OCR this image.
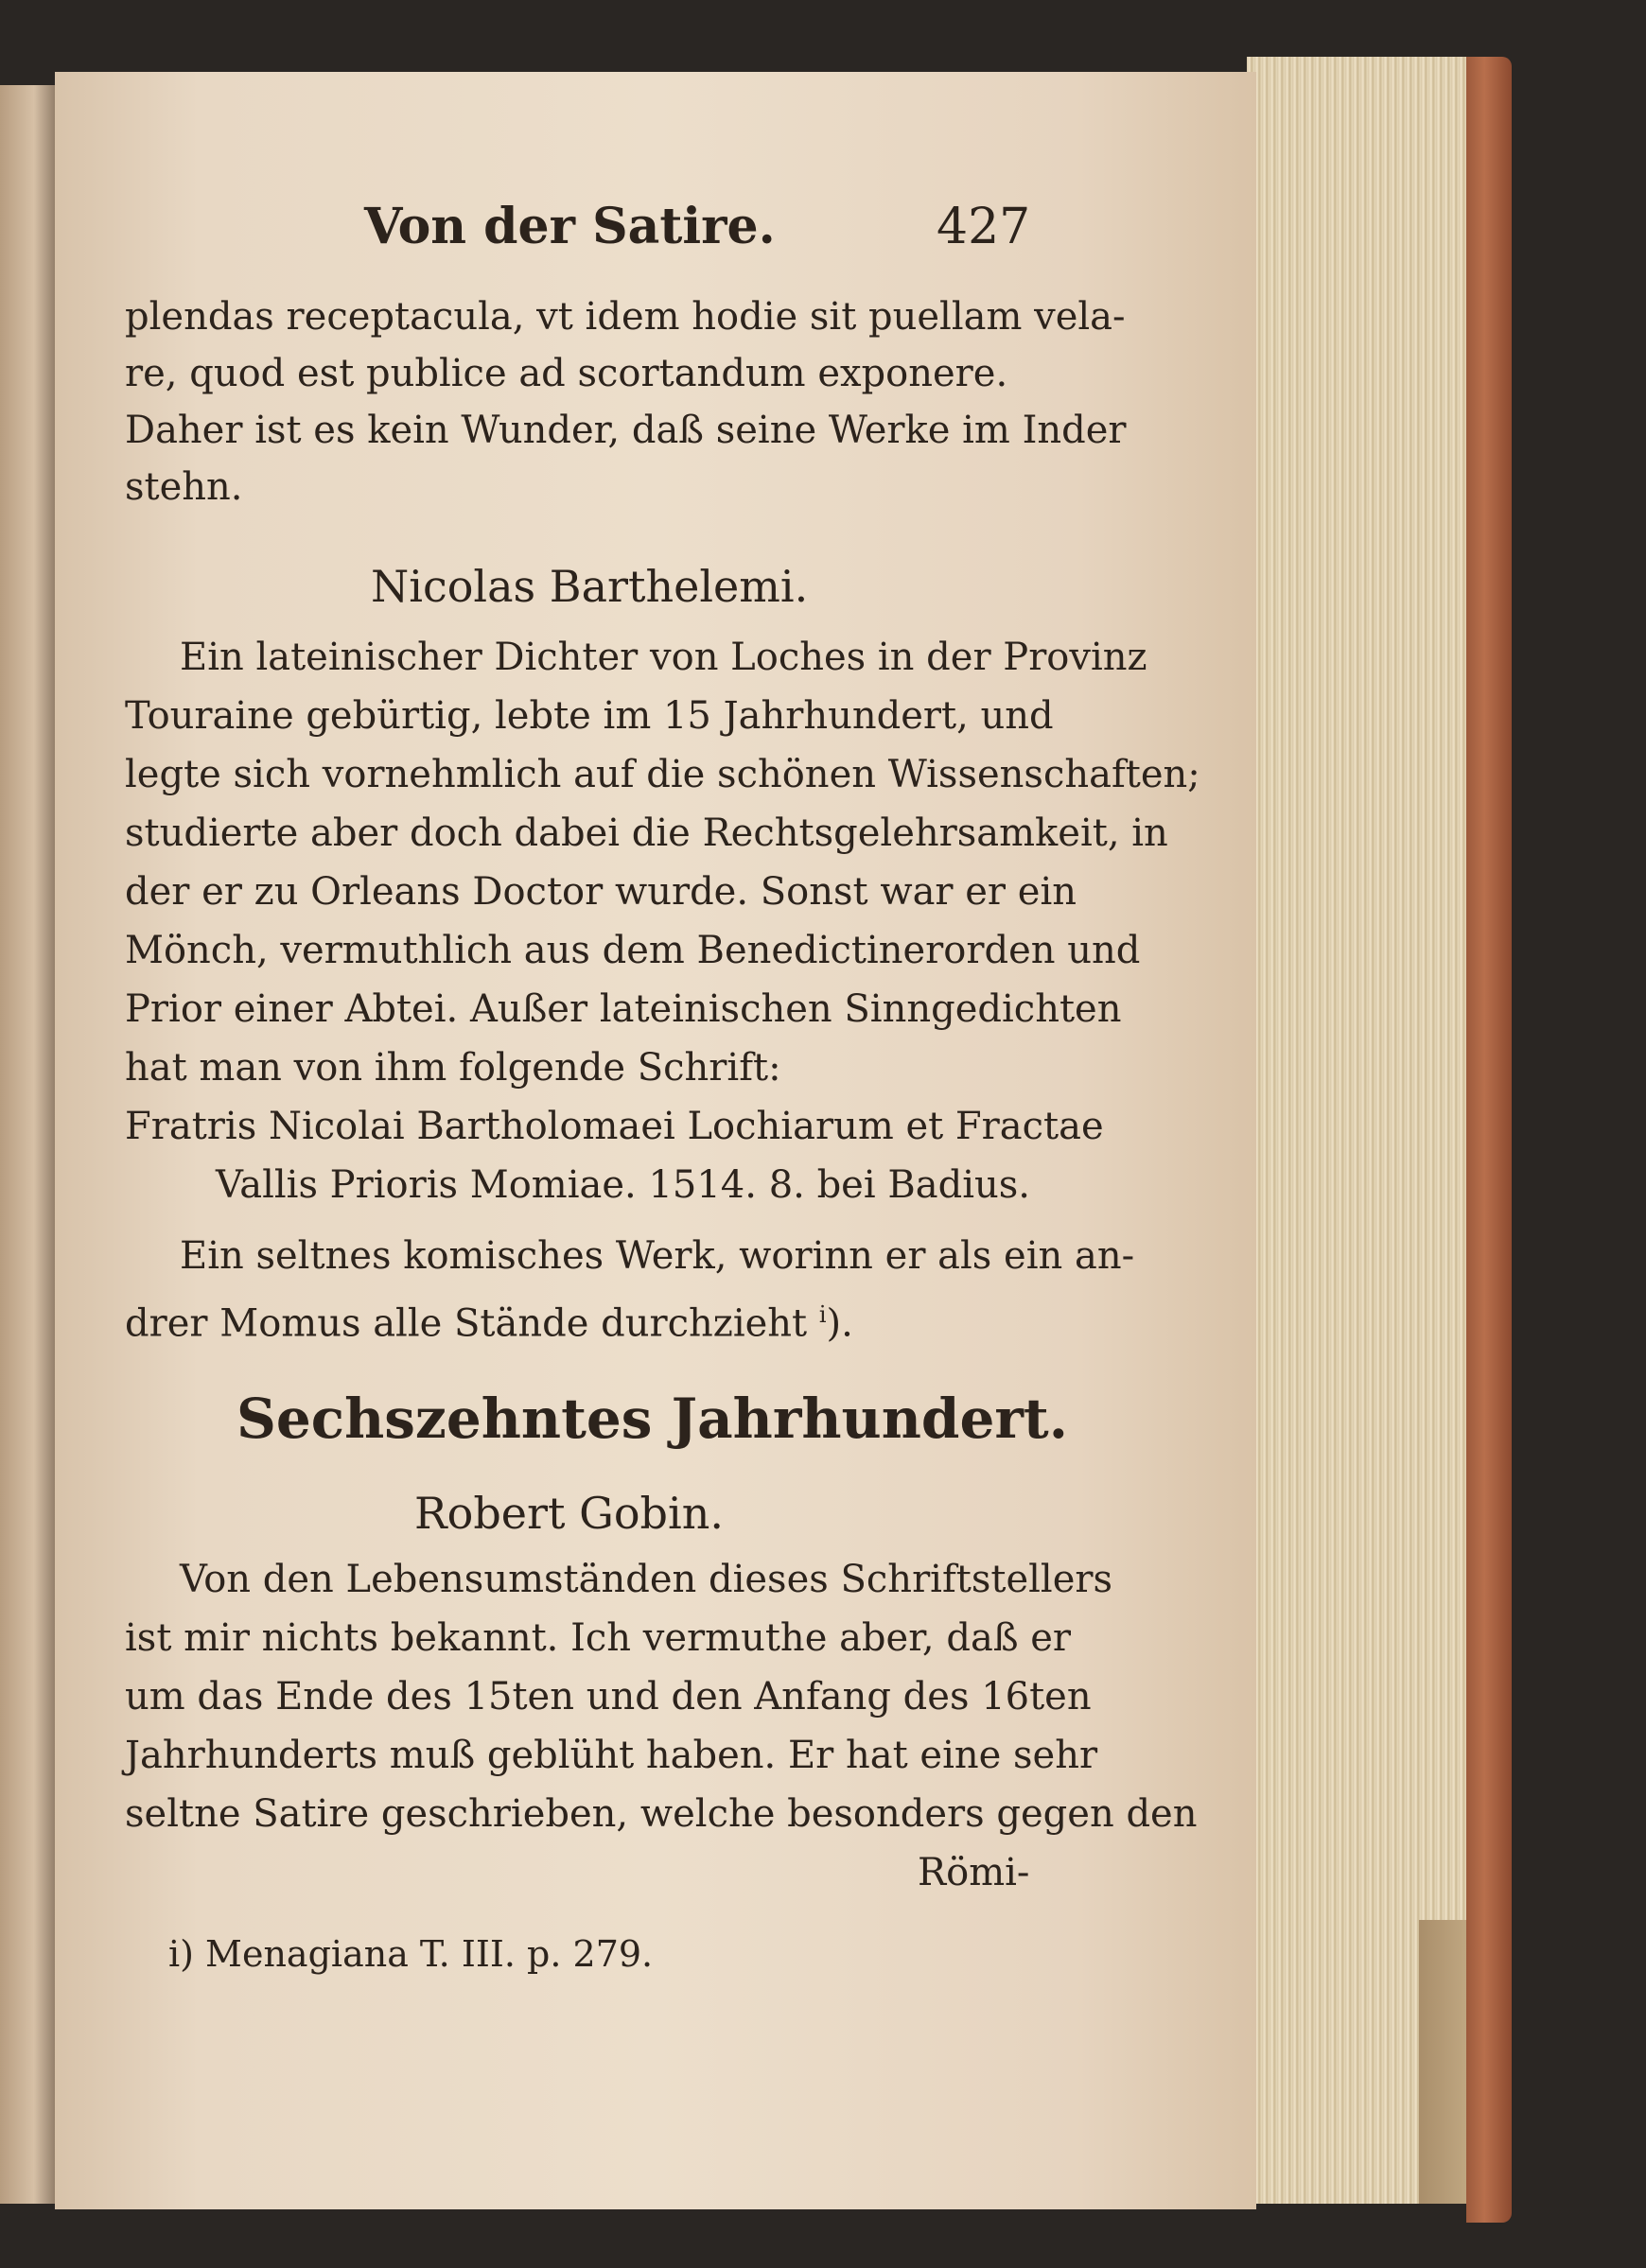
Von der Satire.	427
plendas receptacula, vt idem hodie sit puellam vela-
re, quod est publice ad scortandum exponere.
Daher ist es kein Wunder, daß seine Werke im Inder
stehn.
Nicolas Barthelemi.
Ein lateinischer Dichter von Loches in der Provinz
Touraine gebürtig, lebte im 15 Jahrhundert, und
legte sich vornehmlich auf die schönen Wissenschaften;
studierte aber doch dabei die Rechtsgelehrsamkeit, in
der er zu Orleans Doctor wurde. Sonst war er ein
Mönch, vermuthlich aus dem Benedictinerorden und
Prior einer Abtei. Außer lateinischen Sinngedichten
hat man von ihm folgende Schrift:
Fratris Nicolai Bartholomaei Lochiarum et Fractae
Vallis Prioris Momiae. 1514. 8. bei Badius.
Ein seltnes komisches Werk, worinn er als ein an-
drer Momus alle Stände durchzieht $^i$).
Sechszehntes Jahrhundert.
Robert Gobin.
Von den Lebensumständen dieses Schriftstellers
ist mir nichts bekannt. Ich vermuthe aber, daß er
um das Ende des 15ten und den Anfang des 16ten
Jahrhunderts muß geblüht haben. Er hat eine sehr
seltne Satire geschrieben, welche besonders gegen den
Römi-
i) Menagiana T. III. p. 279.
